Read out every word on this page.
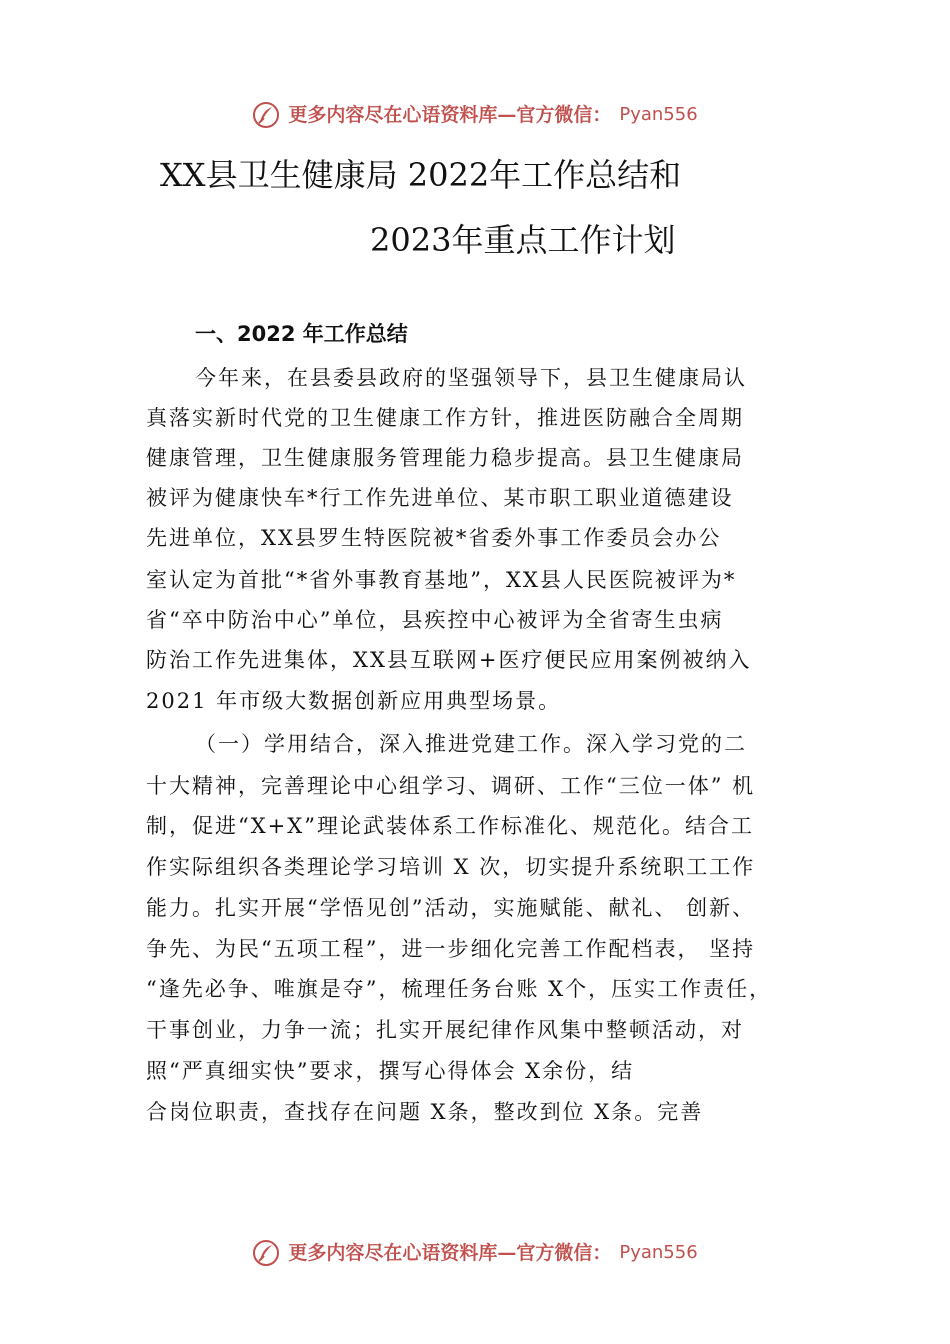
更多内容尽在心语资料库—官方微信： Pyan556
XX县卫生健康局 2022年工作总结和
2023年重点工作计划
一、2022 年工作总结
今年来，在县委县政府的坚强领导下，县卫生健康局认
真落实新时代党的卫生健康工作方针，推进医防融合全周期
健康管理，卫生健康服务管理能力稳步提高。县卫生健康局
被评为健康快车*行工作先进单位、某市职工职业道德建设
先进单位，XX县罗生特医院被*省委外事工作委员会办公
室认定为首批“*省外事教育基地”，XX县人民医院被评为*
省“卒中防治中心”单位，县疾控中心被评为全省寄生虫病
防治工作先进集体，XX县互联网+医疗便民应用案例被纳入
2021 年市级大数据创新应用典型场景。
（一）学用结合，深入推进党建工作。深入学习党的二
十大精神，完善理论中心组学习、调研、工作“三位一体” 机
制，促进“X+X”理论武装体系工作标准化、规范化。结合工
作实际组织各类理论学习培训 X 次，切实提升系统职工工作
能力。扎实开展“学悟见创”活动，实施赋能、献礼、 创新、
争先、为民“五项工程”，进一步细化完善工作配档表， 坚持
“逢先必争、唯旗是夺”，梳理任务台账 X个，压实工作责任，
干事创业，力争一流；扎实开展纪律作风集中整顿活动，对
照“严真细实快”要求，撰写心得体会 X余份，结
合岗位职责，查找存在问题 X条，整改到位 X条。完善
更多内容尽在心语资料库—官方微信： Pyan556
